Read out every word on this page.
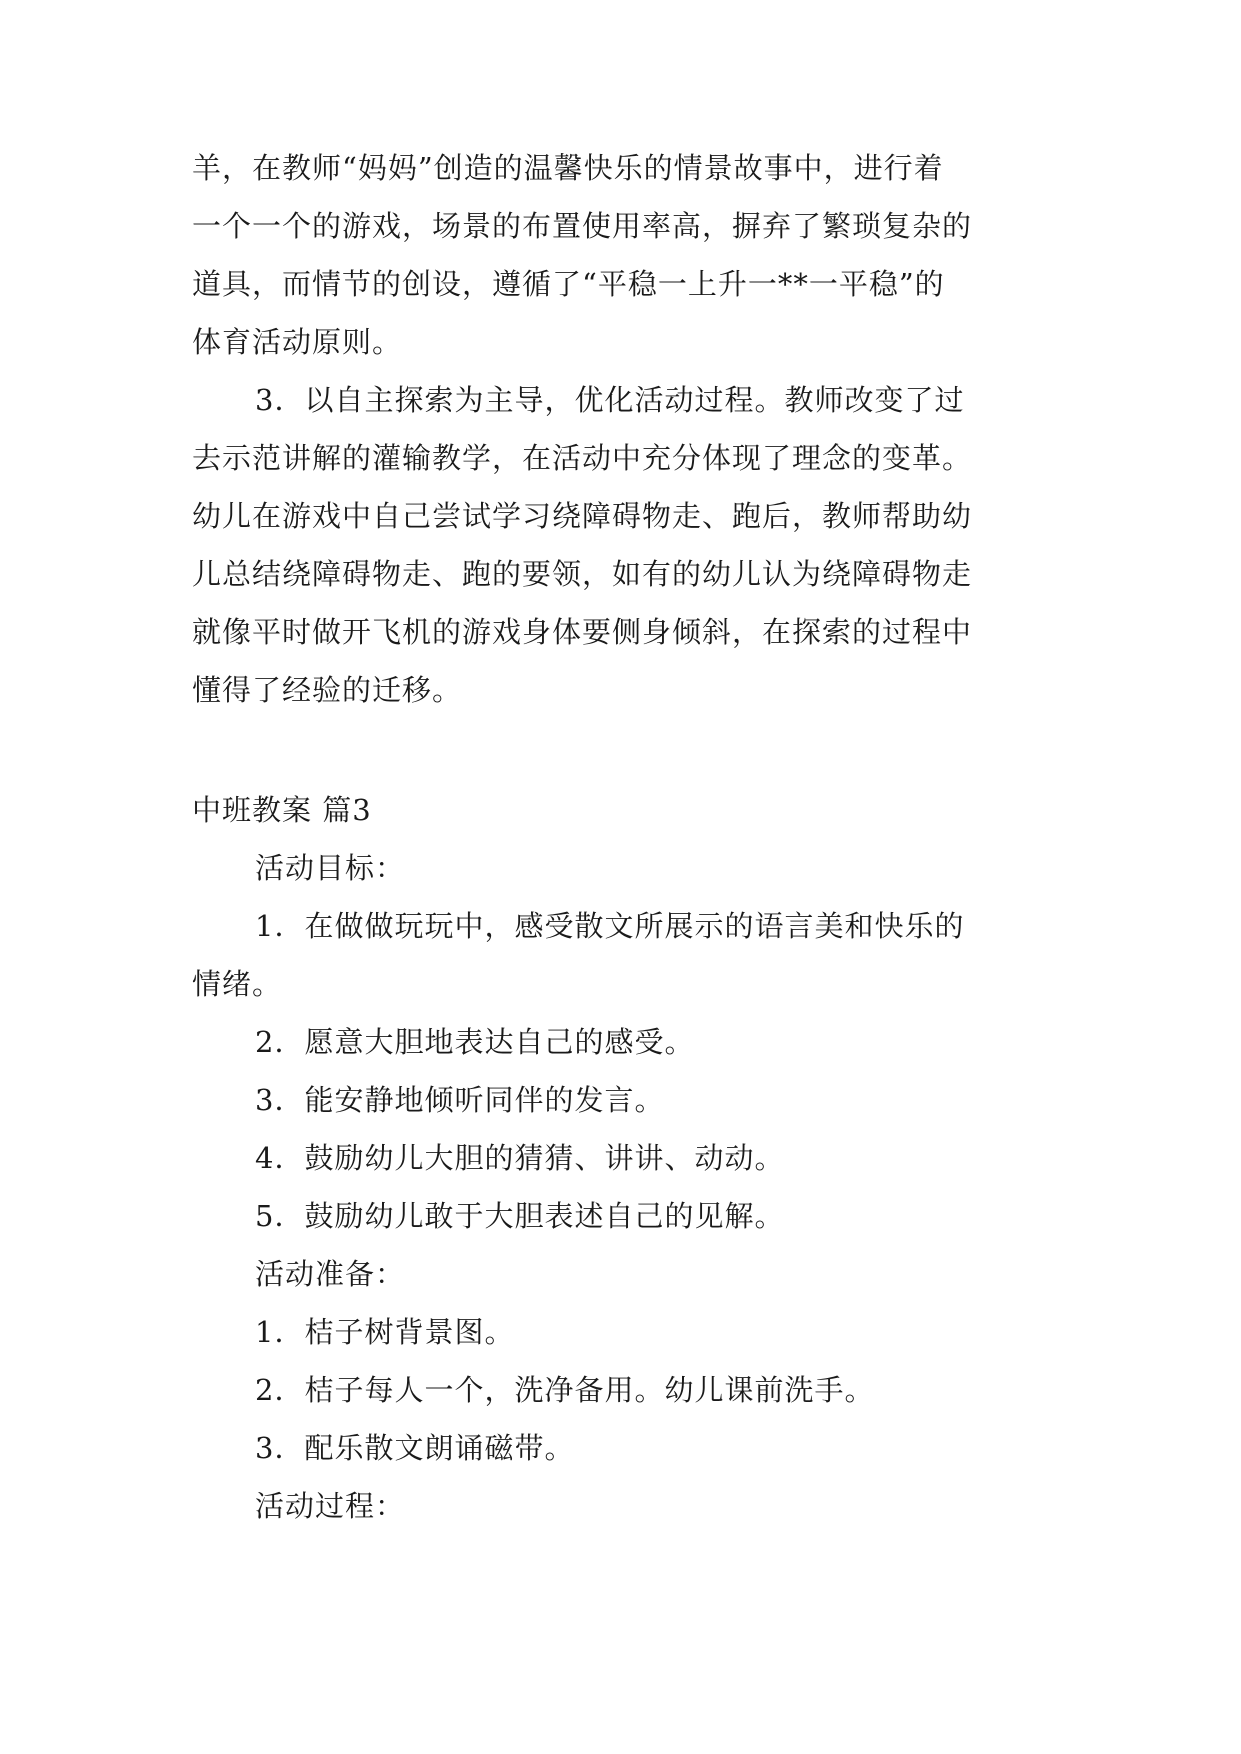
羊，在教师“妈妈”创造的温馨快乐的情景故事中，进行着
一个一个的游戏，场景的布置使用率高，摒弃了繁琐复杂的
道具，而情节的创设，遵循了“平稳一上升一**一平稳”的
体育活动原则。
3．以自主探索为主导，优化活动过程。教师改变了过
去示范讲解的灌输教学，在活动中充分体现了理念的变革。
幼儿在游戏中自己尝试学习绕障碍物走、跑后，教师帮助幼
儿总结绕障碍物走、跑的要领，如有的幼儿认为绕障碍物走
就像平时做开飞机的游戏身体要侧身倾斜，在探索的过程中
懂得了经验的迁移。
中班教案 篇3
活动目标：
1．在做做玩玩中，感受散文所展示的语言美和快乐的
情绪。
2．愿意大胆地表达自己的感受。
3．能安静地倾听同伴的发言。
4．鼓励幼儿大胆的猜猜、讲讲、动动。
5．鼓励幼儿敢于大胆表述自己的见解。
活动准备：
1．桔子树背景图。
2．桔子每人一个，洗净备用。幼儿课前洗手。
3．配乐散文朗诵磁带。
活动过程：
